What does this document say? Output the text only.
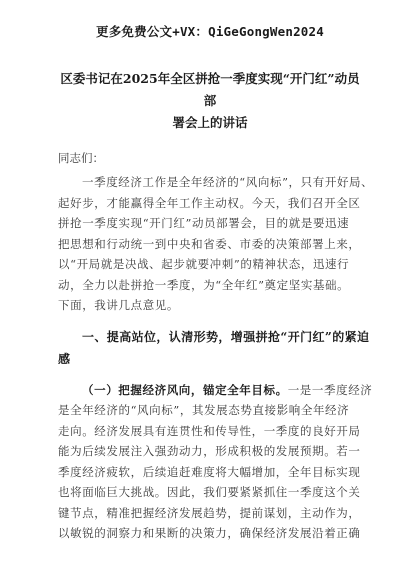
更多免费公文+VX：QiGeGongWen2024
区委书记在2025年全区拼抢一季度实现“开门红”动员部
署会上的讲话
同志们：
一季度经济工作是全年经济的“风向标”，只有开好局、
起好步，才能赢得全年工作主动权。今天，我们召开全区
拼抢一季度实现“开门红”动员部署会，目的就是要迅速
把思想和行动统一到中央和省委、市委的决策部署上来，
以“开局就是决战、起步就要冲刺”的精神状态，迅速行
动，全力以赴拼抢一季度，为“全年红”奠定坚实基础。
下面，我讲几点意见。
一、提高站位，认清形势，增强拼抢“开门红”的紧迫
感
（一）把握经济风向，锚定全年目标。一是一季度经济
是全年经济的“风向标”，其发展态势直接影响全年经济
走向。经济发展具有连贯性和传导性，一季度的良好开局
能为后续发展注入强劲动力，形成积极的发展预期。若一
季度经济疲软，后续追赶难度将大幅增加，全年目标实现
也将面临巨大挑战。因此，我们要紧紧抓住一季度这个关
键节点，精准把握经济发展趋势，提前谋划，主动作为，
以敏锐的洞察力和果断的决策力，确保经济发展沿着正确
